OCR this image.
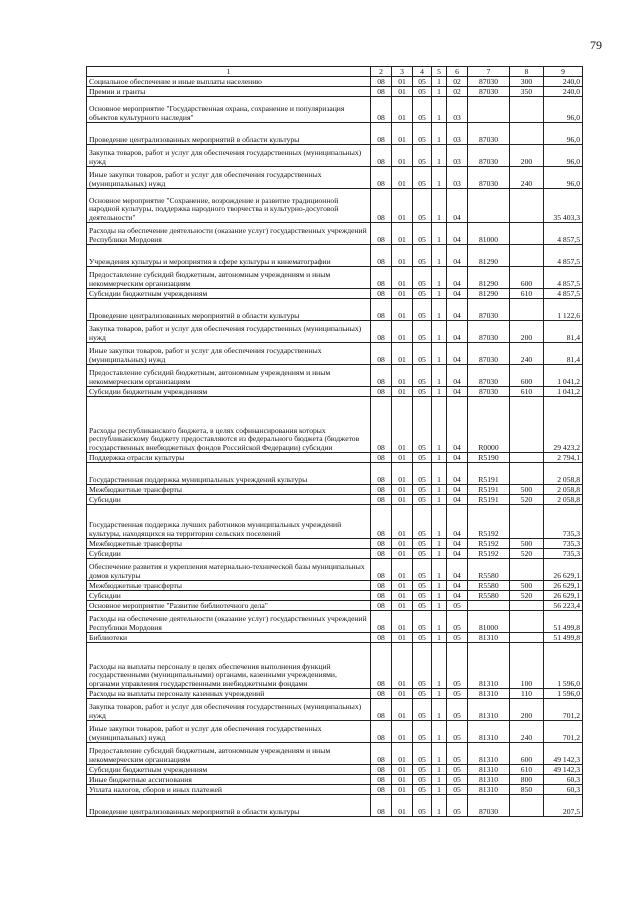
79
1	2	3	4	5	6	7	8	9
Социальное обеспечение и иные выплаты населению	08	01	05	1	02	87030	300	240,0
Премии и гранты	08	01	05	1	02	87030	350	240,0
Основное мероприятие "Государственная охрана, сохранение и популяризация объектов культурного наследия"	08	01	05	1	03			96,0
Проведение централизованных мероприятий в области культуры	08	01	05	1	03	87030		96,0
Закупка товаров, работ и услуг для обеспечения государственных (муниципальных) нужд	08	01	05	1	03	87030	200	96,0
Иные закупки товаров, работ и услуг для обеспечения государственных (муниципальных) нужд	08	01	05	1	03	87030	240	96,0
Основное мероприятие "Сохранение, возрождение и развитие традиционной народной культуры, поддержка народного творчества и культурно-досуговой деятельности"	08	01	05	1	04			35 403,3
Расходы на обеспечение деятельности (оказание услуг) государственных учреждений Республики Мордовия	08	01	05	1	04	81000		4 857,5
Учреждения культуры и мероприятия в сфере культуры и кинематографии	08	01	05	1	04	81290		4 857,5
Предоставление субсидий бюджетным, автономным учреждениям и иным некоммерческим организациям	08	01	05	1	04	81290	600	4 857,5
Субсидии бюджетным учреждениям	08	01	05	1	04	81290	610	4 857,5
Проведение централизованных мероприятий в области культуры	08	01	05	1	04	87030		1 122,6
Закупка товаров, работ и услуг для обеспечения государственных (муниципальных) нужд	08	01	05	1	04	87030	200	81,4
Иные закупки товаров, работ и услуг для обеспечения государственных (муниципальных) нужд	08	01	05	1	04	87030	240	81,4
Предоставление субсидий бюджетным, автономным учреждениям и иным некоммерческим организациям	08	01	05	1	04	87030	600	1 041,2
Субсидии бюджетным учреждениям	08	01	05	1	04	87030	610	1 041,2
Расходы республиканского бюджета, в целях софинансирования которых республиканскому бюджету предоставляются из федерального бюджета (бюджетов государственных внебюджетных фондов Российской Федерации) субсидии	08	01	05	1	04	R0000		29 423,2
Поддержка отрасли культуры	08	01	05	1	04	R5190		2 794,1
Государственная поддержка муниципальных учреждений культуры	08	01	05	1	04	R5191		2 058,8
Межбюджетные трансферты	08	01	05	1	04	R5191	500	2 058,8
Субсидии	08	01	05	1	04	R5191	520	2 058,8
Государственная поддержка лучших работников муниципальных учреждений культуры, находящихся на территории сельских поселений	08	01	05	1	04	R5192		735,3
Межбюджетные трансферты	08	01	05	1	04	R5192	500	735,3
Субсидии	08	01	05	1	04	R5192	520	735,3
Обеспечение развития и укрепления материально-технической базы муниципальных домов культуры	08	01	05	1	04	R5580		26 629,1
Межбюджетные трансферты	08	01	05	1	04	R5580	500	26 629,1
Субсидии	08	01	05	1	04	R5580	520	26 629,1
Основное мероприятие "Развитие библиотечного дела"	08	01	05	1	05			56 223,4
Расходы на обеспечение деятельности (оказание услуг) государственных учреждений Республики Мордовия	08	01	05	1	05	81000		51 499,8
Библиотеки	08	01	05	1	05	81310		51 499,8
Расходы на выплаты персоналу в целях обеспечения выполнения функций государственными (муниципальными) органами, казенными учреждениями, органами управления государственными внебюджетными фондами	08	01	05	1	05	81310	100	1 596,0
Расходы на выплаты персоналу казенных учреждений	08	01	05	1	05	81310	110	1 596,0
Закупка товаров, работ и услуг для обеспечения государственных (муниципальных) нужд	08	01	05	1	05	81310	200	701,2
Иные закупки товаров, работ и услуг для обеспечения государственных (муниципальных) нужд	08	01	05	1	05	81310	240	701,2
Предоставление субсидий бюджетным, автономным учреждениям и иным некоммерческим организациям	08	01	05	1	05	81310	600	49 142,3
Субсидии бюджетным учреждениям	08	01	05	1	05	81310	610	49 142,3
Иные бюджетные ассигнования	08	01	05	1	05	81310	800	60,3
Уплата налогов, сборов и иных платежей	08	01	05	1	05	81310	850	60,3
Проведение централизованных мероприятий в области культуры	08	01	05	1	05	87030		207,5
